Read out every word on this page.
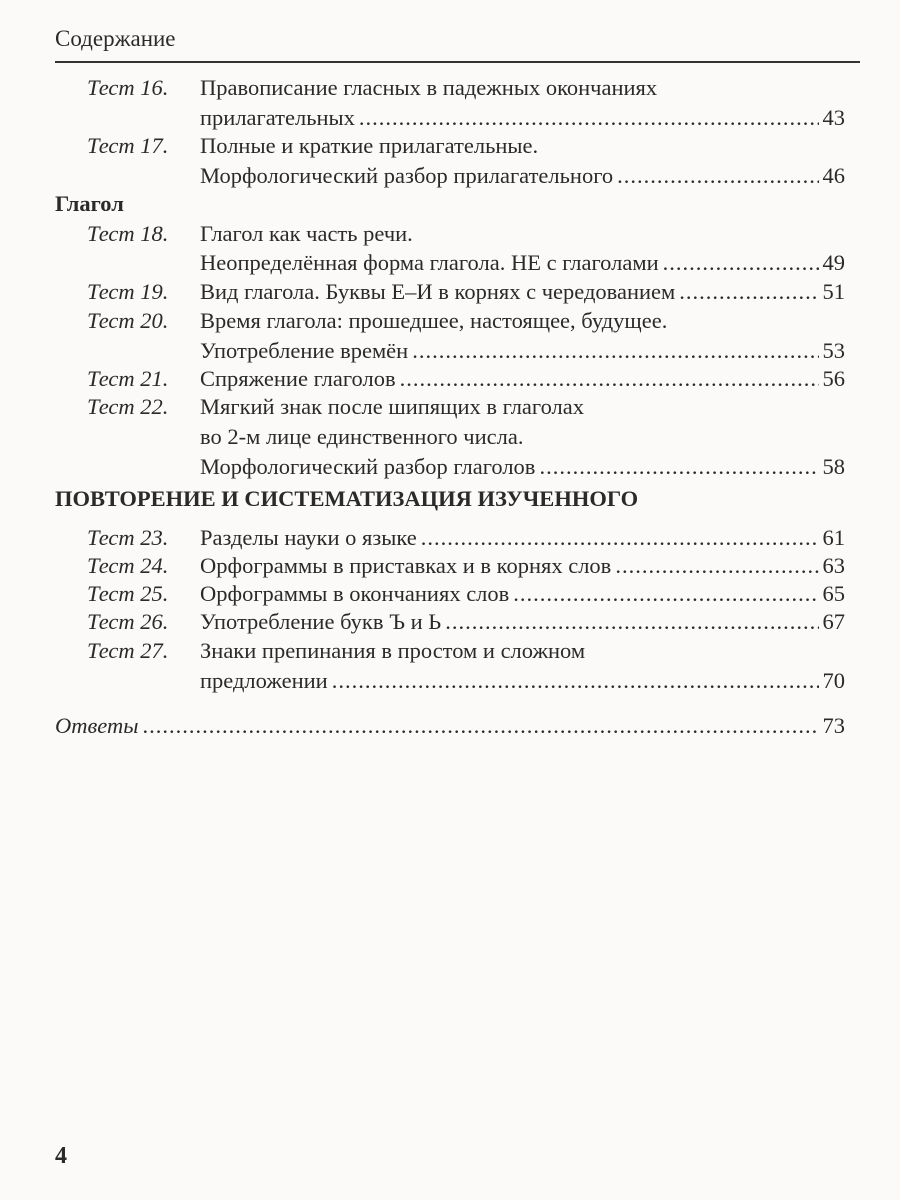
Содержание
Тест 16. Правописание гласных в падежных окончаниях
прилагательных .....	43
Тест 17. Полные и краткие прилагательные.
Морфологический разбор прилагательного .....	46
Глагол
Тест 18. Глагол как часть речи.
Неопределённая форма глагола. НЕ с глаголами .....	49
Тест 19. Вид глагола. Буквы Е–И в корнях с чередованием .....	51
Тест 20. Время глагола: прошедшее, настоящее, будущее.
Употребление времён .....	53
Тест 21. Спряжение глаголов .....	56
Тест 22. Мягкий знак после шипящих в глаголах
во 2-м лице единственного числа.
Морфологический разбор глаголов .....	58
ПОВТОРЕНИЕ И СИСТЕМАТИЗАЦИЯ ИЗУЧЕННОГО
Тест 23. Разделы науки о языке .....	61
Тест 24. Орфограммы в приставках и в корнях слов .....	63
Тест 25. Орфограммы в окончаниях слов .....	65
Тест 26. Употребление букв Ъ и Ь .....	67
Тест 27. Знаки препинания в простом и сложном
предложении .....	70
Ответы .....	73
4
